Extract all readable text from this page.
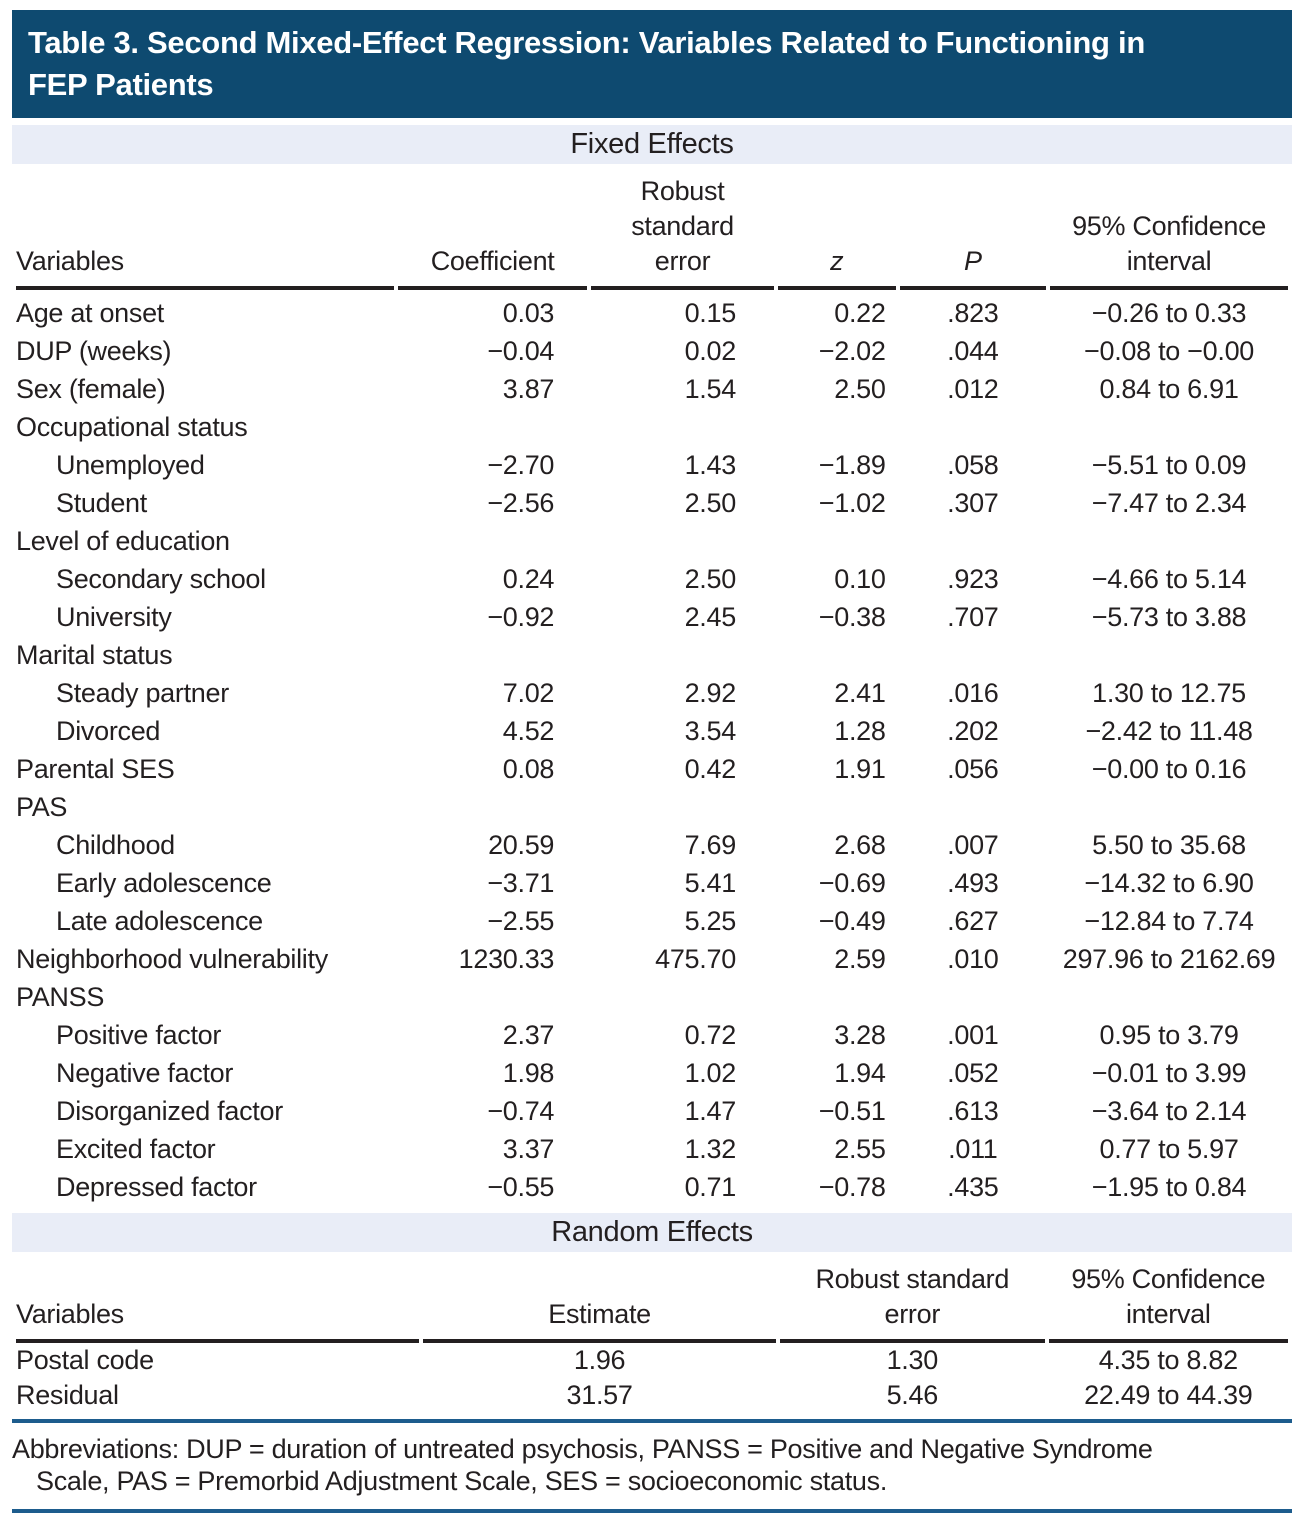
Table 3. Second Mixed-Effect Regression: Variables Related to Functioning in
FEP Patients
Fixed Effects
Variables	Coefficient	Robust standard error	z	P	95% Confidence interval
Age at onset	0.03	0.15	0.22	.823	−0.26 to 0.33
DUP (weeks)	−0.04	0.02	−2.02	.044	−0.08 to −0.00
Sex (female)	3.87	1.54	2.50	.012	0.84 to 6.91
Occupational status					
Unemployed	−2.70	1.43	−1.89	.058	−5.51 to 0.09
Student	−2.56	2.50	−1.02	.307	−7.47 to 2.34
Level of education					
Secondary school	0.24	2.50	0.10	.923	−4.66 to 5.14
University	−0.92	2.45	−0.38	.707	−5.73 to 3.88
Marital status					
Steady partner	7.02	2.92	2.41	.016	1.30 to 12.75
Divorced	4.52	3.54	1.28	.202	−2.42 to 11.48
Parental SES	0.08	0.42	1.91	.056	−0.00 to 0.16
PAS					
Childhood	20.59	7.69	2.68	.007	5.50 to 35.68
Early adolescence	−3.71	5.41	−0.69	.493	−14.32 to 6.90
Late adolescence	−2.55	5.25	−0.49	.627	−12.84 to 7.74
Neighborhood vulnerability	1230.33	475.70	2.59	.010	297.96 to 2162.69
PANSS					
Positive factor	2.37	0.72	3.28	.001	0.95 to 3.79
Negative factor	1.98	1.02	1.94	.052	−0.01 to 3.99
Disorganized factor	−0.74	1.47	−0.51	.613	−3.64 to 2.14
Excited factor	3.37	1.32	2.55	.011	0.77 to 5.97
Depressed factor	−0.55	0.71	−0.78	.435	−1.95 to 0.84
Random Effects
Variables	Estimate	Robust standard error	95% Confidence interval
Postal code	1.96	1.30	4.35 to 8.82
Residual	31.57	5.46	22.49 to 44.39
Abbreviations: DUP = duration of untreated psychosis, PANSS = Positive and Negative Syndrome
Scale, PAS = Premorbid Adjustment Scale, SES = socioeconomic status.
